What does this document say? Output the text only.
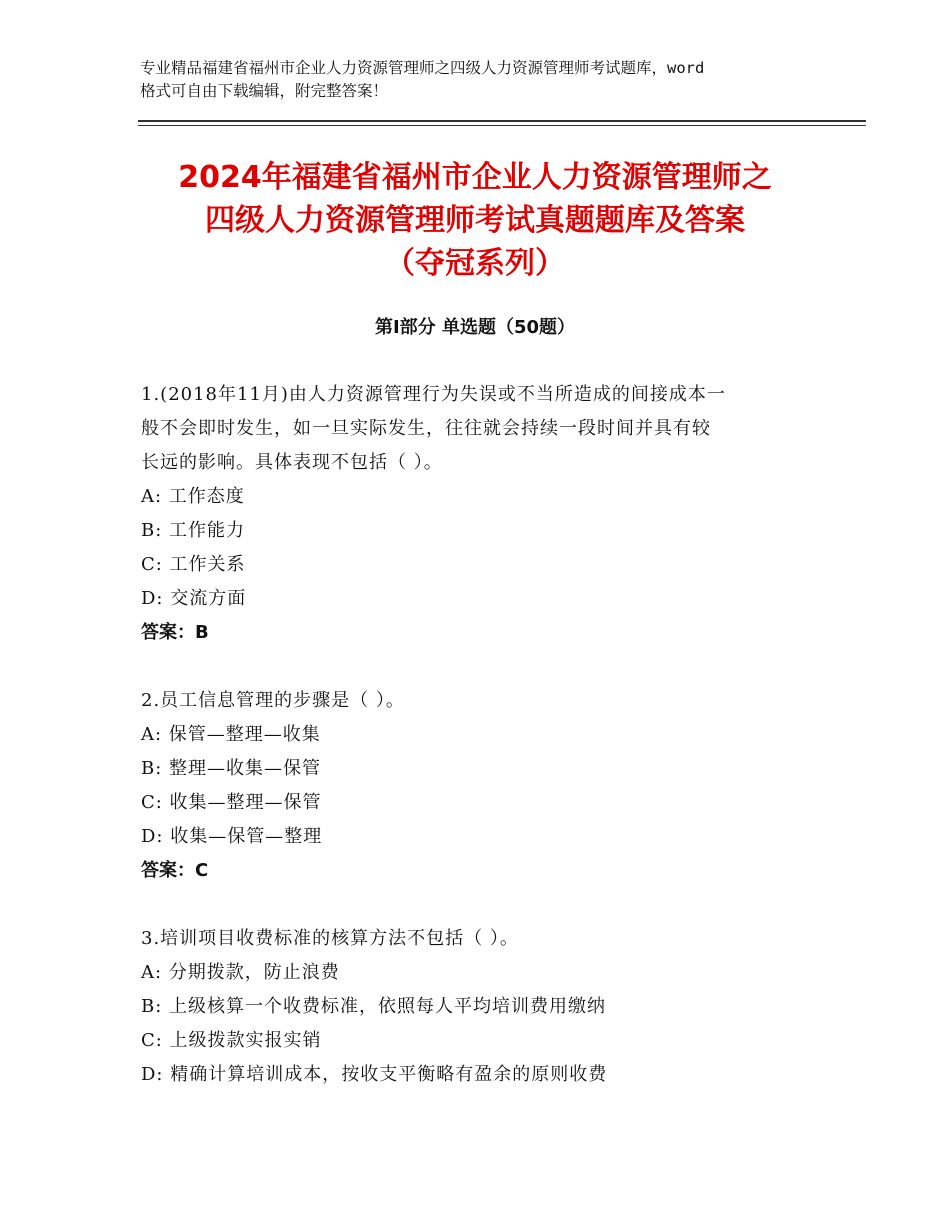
专业精品福建省福州市企业人力资源管理师之四级人力资源管理师考试题库，word
格式可自由下载编辑，附完整答案！
2024年福建省福州市企业人力资源管理师之
四级人力资源管理师考试真题题库及答案
（夺冠系列）
第Ⅰ部分 单选题（50题）
1.(2018年11月)由人力资源管理行为失误或不当所造成的间接成本一
般不会即时发生，如一旦实际发生，往往就会持续一段时间并具有较
长远的影响。具体表现不包括（ ）。
A: 工作态度
B: 工作能力
C: 工作关系
D: 交流方面
答案：B
2.员工信息管理的步骤是（ ）。
A: 保管—整理—收集
B: 整理—收集—保管
C: 收集—整理—保管
D: 收集—保管—整理
答案：C
3.培训项目收费标准的核算方法不包括（ ）。
A: 分期拨款，防止浪费
B: 上级核算一个收费标准，依照每人平均培训费用缴纳
C: 上级拨款实报实销
D: 精确计算培训成本，按收支平衡略有盈余的原则收费
